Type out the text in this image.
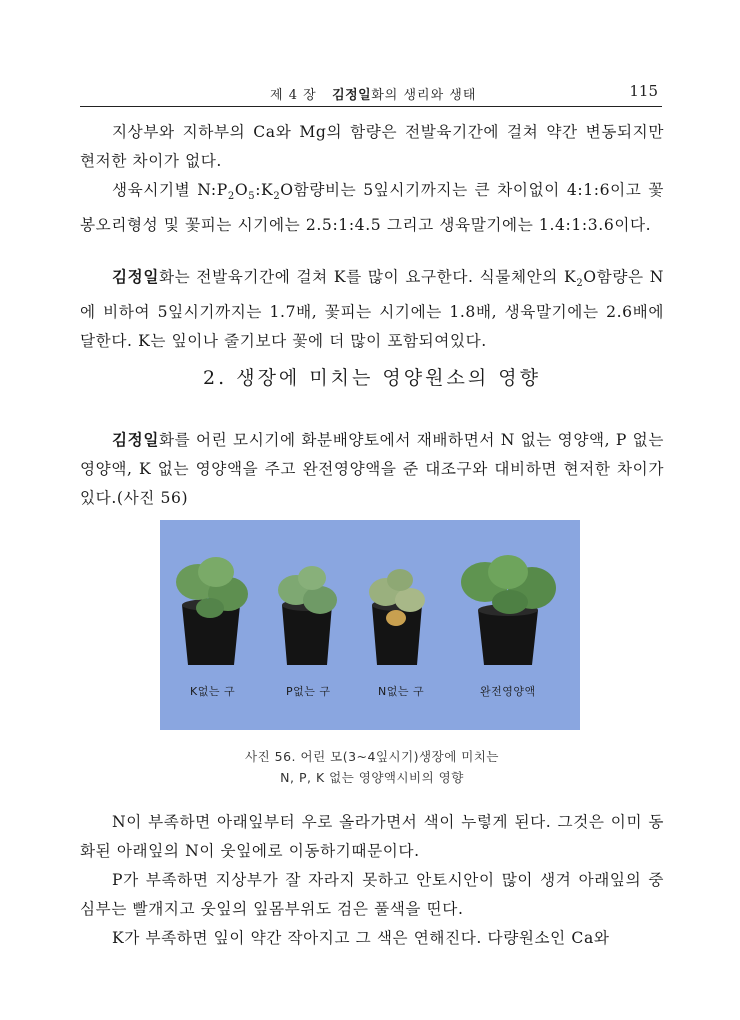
제 4 장 김정일화의 생리와 생태	115

지상부와 지하부의 Ca와 Mg의 함량은 전발육기간에 걸쳐 약간 변동되지만 현저한 차이가 없다.

생육시기별 $N:P_2O_5:K_2O$함량비는 5잎시기까지는 큰 차이없이 4:1:6이고 꽃봉오리형성 및 꽃피는 시기에는 2.5:1:4.5 그리고 생육말기에는 1.4:1:3.6이다.

김정일화는 전발육기간에 걸쳐 K를 많이 요구한다. 식물체안의 $K_2O$함량은 N에 비하여 5잎시기까지는 1.7배, 꽃피는 시기에는 1.8배, 생육말기에는 2.6배에 달한다. K는 잎이나 줄기보다 꽃에 더 많이 포함되여있다.

2. 생장에 미치는 영양원소의 영향

김정일화를 어린 모시기에 화분배양토에서 재배하면서 N 없는 영양액, P 없는 영양액, K 없는 영양액을 주고 완전영양액을 준 대조구와 대비하면 현저한 차이가 있다.(사진 56)

K없는 구	P없는 구	N없는 구	완전영양액
사진 56. 어린 모(3~4잎시기)생장에 미치는
N, P, K 없는 영양액시비의 영향

N이 부족하면 아래잎부터 우로 올라가면서 색이 누렇게 된다. 그것은 이미 동화된 아래잎의 N이 웃잎에로 이동하기때문이다.

P가 부족하면 지상부가 잘 자라지 못하고 안토시안이 많이 생겨 아래잎의 중심부는 빨개지고 웃잎의 잎몸부위도 검은 풀색을 띤다.

K가 부족하면 잎이 약간 작아지고 그 색은 연해진다. 다량원소인 Ca와
